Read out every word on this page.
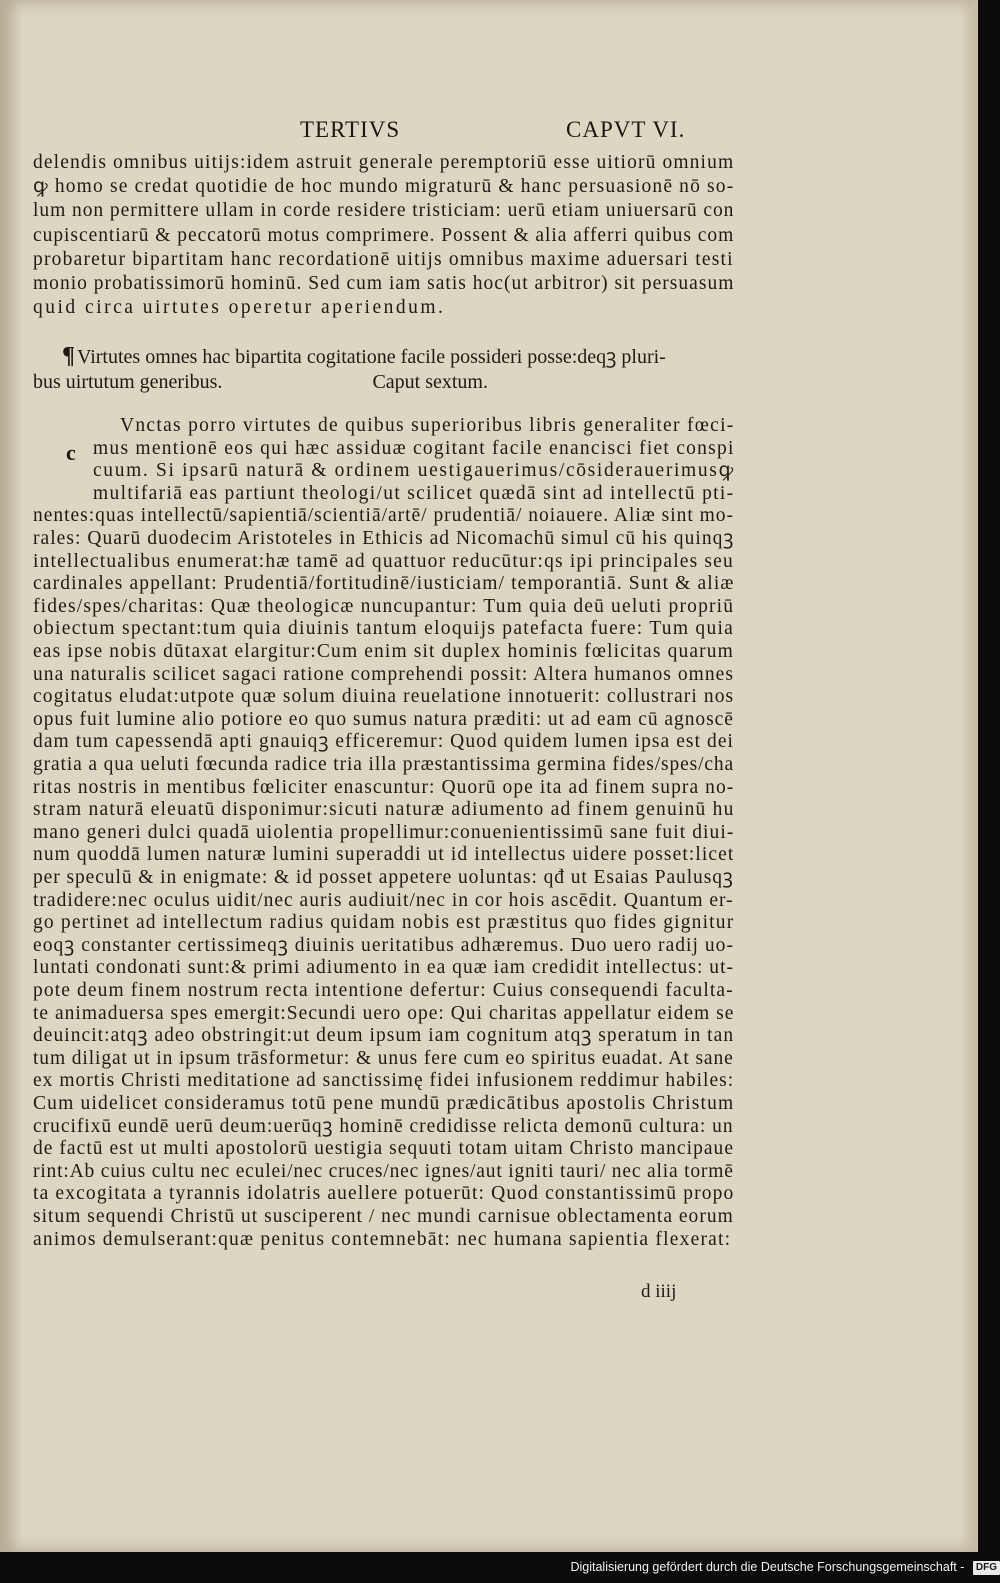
TERTIVS	CAPVT VI.
delendis omnibus uitijs:idem astruit generale peremptoriū esse uitiorū omnium
ꝙ homo se credat quotidie de hoc mundo migraturū & hanc persuasionē nō so-
lum non permittere ullam in corde residere tristiciam: uerū etiam uniuersarū con
cupiscentiarū & peccatorū motus comprimere. Possent & alia afferri quibus com
probaretur bipartitam hanc recordationē uitijs omnibus maxime aduersari testi
monio probatissimorū hominū. Sed cum iam satis hoc(ut arbitror) sit persuasum
quid circa uirtutes operetur aperiendum.
¶ Virtutes omnes hac bipartita cogitatione facile possideri posse:deqꝫ pluri-
bus uirtutum generibus.	Caput sextum.
c
Vnctas porro virtutes de quibus superioribus libris generaliter fœci-
mus mentionē eos qui hæc assiduæ cogitant facile enanciscі fiet conspi
cuum. Si ipsarū naturā & ordinem uestigauerimus/cōsiderauerimusꝙ
multifariā eas partiunt theologi/ut scilicet quædā sint ad intellectū ptі-
nentes:quas intellectū/sapientiā/scientiā/artē/ prudentiā/ noiauere. Aliæ sint mo-
rales: Quarū duodecim Aristoteles in Ethicis ad Nicomachū simul cū his quinqꝫ
intellectualibus enumerat:hæ tamē ad quattuor reducūtur:qs ipi principales seu
cardinales appellant: Prudentiā/fortitudinē/iusticiam/ temporantiā. Sunt & aliæ
fides/spes/charitas: Quæ theologicæ nuncupantur: Tum quia deū ueluti propriū
obiectum spectant:tum quia diuinis tantum eloquijs patefacta fuere: Tum quia
eas ipse nobis dūtaxat elargitur:Cum enim sit duplex hominis fœlicitas quarum
una naturalis scilicet sagaci ratione comprehendi possit: Altera humanos omnes
cogitatus eludat:utpote quæ solum diuina reuelatione innotuerit: collustrari nos
opus fuit lumine alio potiore eo quo sumus natura præditi: ut ad eam cū agnoscē
dam tum capessendā apti gnauiqꝫ efficeremur: Quod quidem lumen ipsa est dei
gratia a qua ueluti fœcunda radice tria illa præstantissima germina fides/spes/cha
ritas nostris in mentibus fœliciter enascuntur: Quorū ope ita ad finem supra no-
stram naturā eleuatū disponimur:sicuti naturæ adiumento ad finem genuinū hu
mano generi dulci quadā uiolentia propellimur:conuenientissimū sane fuit diui-
num quoddā lumen naturæ lumini superaddi ut id intellectus uidere posset:licet
per speculū & in enigmate: & id posset appetere uoluntas: qđ ut Esaias Paulusqꝫ
tradidere:nec oculus uidit/nec auris audiuit/nec in cor hois ascēdit. Quantum er-
go pertinet ad intellectum radius quidam nobis est præstitus quo fides gignitur
eoqꝫ constanter certissimeqꝫ diuinis ueritatibus adhæremus. Duo uero radij uo-
luntati condonati sunt:& primi adiumento in ea quæ iam credidit intellectus: ut-
pote deum finem nostrum recta intentione defertur: Cuius consequendi faculta-
te animaduersa spes emergit:Secundi uero ope: Qui charitas appellatur eidem se
deuincit:atqꝫ adeo obstringit:ut deum ipsum iam cognitum atqꝫ speratum in tan
tum diligat ut in ipsum trāsformetur: & unus fere cum eo spiritus euadat. At sane
ex mortis Christi meditatione ad sanctissimę fidei infusionem reddimur habiles:
Cum uidelicet consideramus totū pene mundū prædicātibus apostolis Christum
crucifixū eundē uerū deum:uerūqꝫ hominē credidisse relicta demonū cultura: un
de factū est ut multi apostolorū uestigia sequuti totam uitam Christo mancipaue
rint:Ab cuius cultu nec eculei/nec cruces/nec ignes/aut igniti tauri/ nec alia tormē
ta excogitata a tyrannis idolatris auellere potuerūt: Quod constantissimū propo
situm sequendi Christū ut susciperent / nec mundi carnisue oblectamenta eorum
animos demulserant:quæ penitus contemnebāt: nec humana sapientia flexerat:
d iiij
Digitalisierung gefördert durch die Deutsche Forschungsgemeinschaft - DFG
